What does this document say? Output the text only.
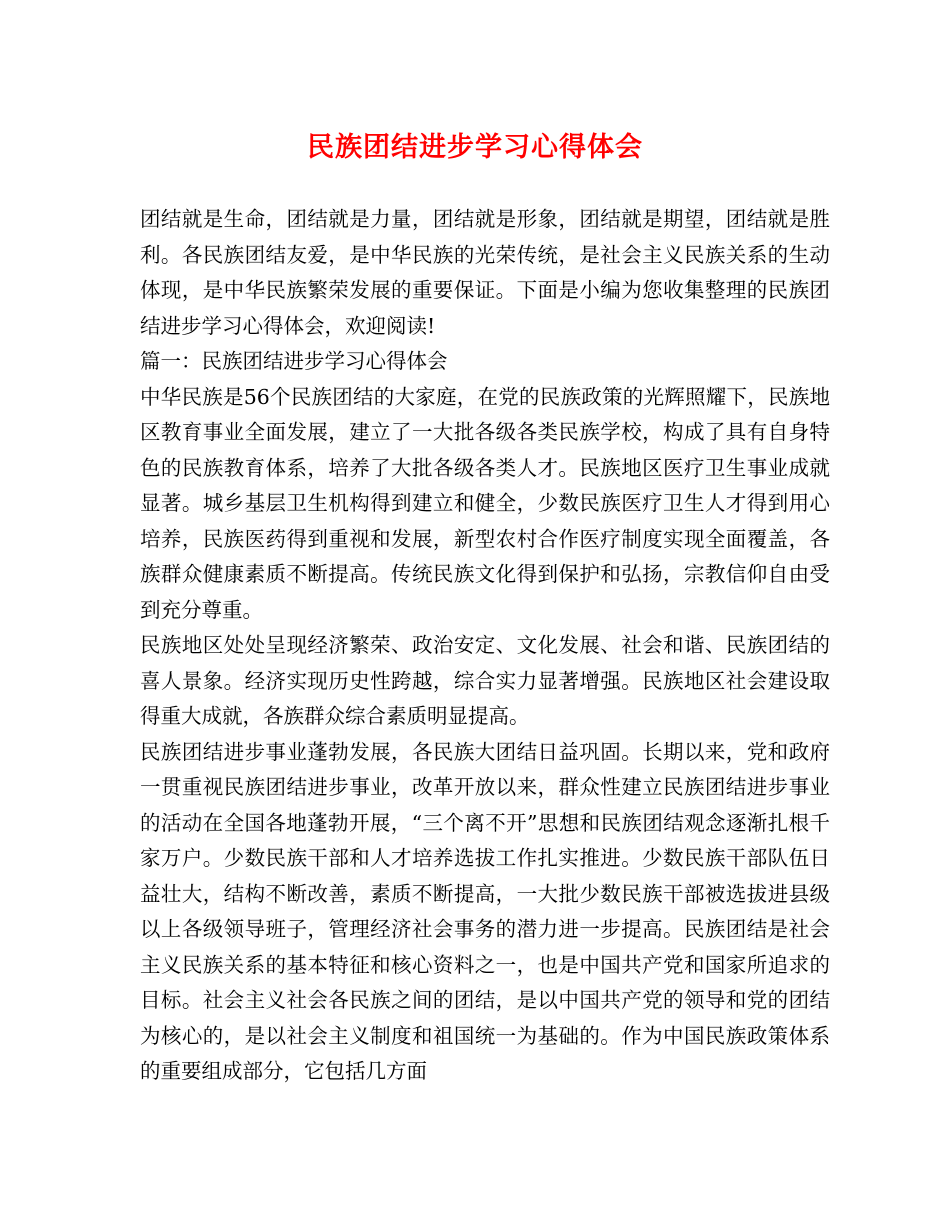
民族团结进步学习心得体会

团结就是生命，团结就是力量，团结就是形象，团结就是期望，团结就是胜利。各民族团结友爱，是中华民族的光荣传统，是社会主义民族关系的生动体现，是中华民族繁荣发展的重要保证。下面是小编为您收集整理的民族团结进步学习心得体会，欢迎阅读!

篇一：民族团结进步学习心得体会

中华民族是56个民族团结的大家庭，在党的民族政策的光辉照耀下，民族地区教育事业全面发展，建立了一大批各级各类民族学校，构成了具有自身特色的民族教育体系，培养了大批各级各类人才。民族地区医疗卫生事业成就显著。城乡基层卫生机构得到建立和健全，少数民族医疗卫生人才得到用心培养，民族医药得到重视和发展，新型农村合作医疗制度实现全面覆盖，各族群众健康素质不断提高。传统民族文化得到保护和弘扬，宗教信仰自由受到充分尊重。

民族地区处处呈现经济繁荣、政治安定、文化发展、社会和谐、民族团结的喜人景象。经济实现历史性跨越，综合实力显著增强。民族地区社会建设取得重大成就，各族群众综合素质明显提高。

民族团结进步事业蓬勃发展，各民族大团结日益巩固。长期以来，党和政府一贯重视民族团结进步事业，改革开放以来，群众性建立民族团结进步事业的活动在全国各地蓬勃开展，“三个离不开”思想和民族团结观念逐渐扎根千家万户。少数民族干部和人才培养选拔工作扎实推进。少数民族干部队伍日益壮大，结构不断改善，素质不断提高，一大批少数民族干部被选拔进县级以上各级领导班子，管理经济社会事务的潜力进一步提高。民族团结是社会主义民族关系的基本特征和核心资料之一，也是中国共产党和国家所追求的目标。社会主义社会各民族之间的团结，是以中国共产党的领导和党的团结为核心的，是以社会主义制度和祖国统一为基础的。作为中国民族政策体系的重要组成部分，它包括几方面
